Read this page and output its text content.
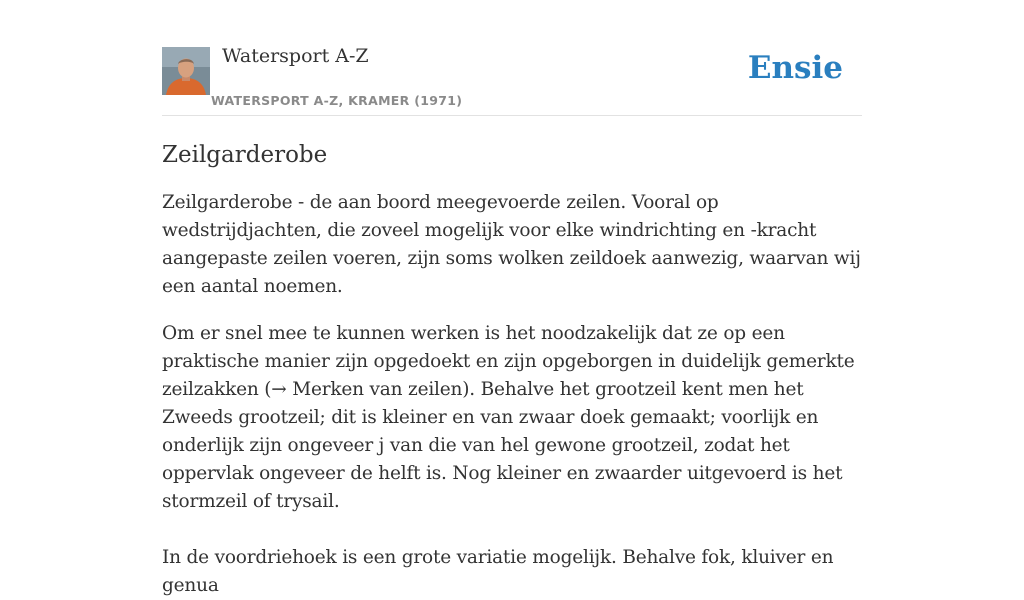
Watersport A-Z
WATERSPORT A-Z, KRAMER (1971)
Ensie
Zeilgarderobe

Zeilgarderobe - de aan boord meegevoerde zeilen. Vooral op wedstrijdjachten, die zoveel mogelijk voor elke windrichting en -kracht aangepaste zeilen voeren, zijn soms wolken zeildoek aanwezig, waarvan wij een aantal noemen.

Om er snel mee te kunnen werken is het noodzakelijk dat ze op een praktische manier zijn opgedoekt en zijn opgeborgen in duidelijk gemerkte zeilzakken (→ Merken van zeilen). Behalve het grootzeil kent men het Zweeds grootzeil; dit is kleiner en van zwaar doek gemaakt; voorlijk en onderlijk zijn ongeveer j van die van hel gewone grootzeil, zodat het oppervlak ongeveer de helft is. Nog kleiner en zwaarder uitgevoerd is het stormzeil of trysail.

In de voordriehoek is een grote variatie mogelijk. Behalve fok, kluiver en genua
